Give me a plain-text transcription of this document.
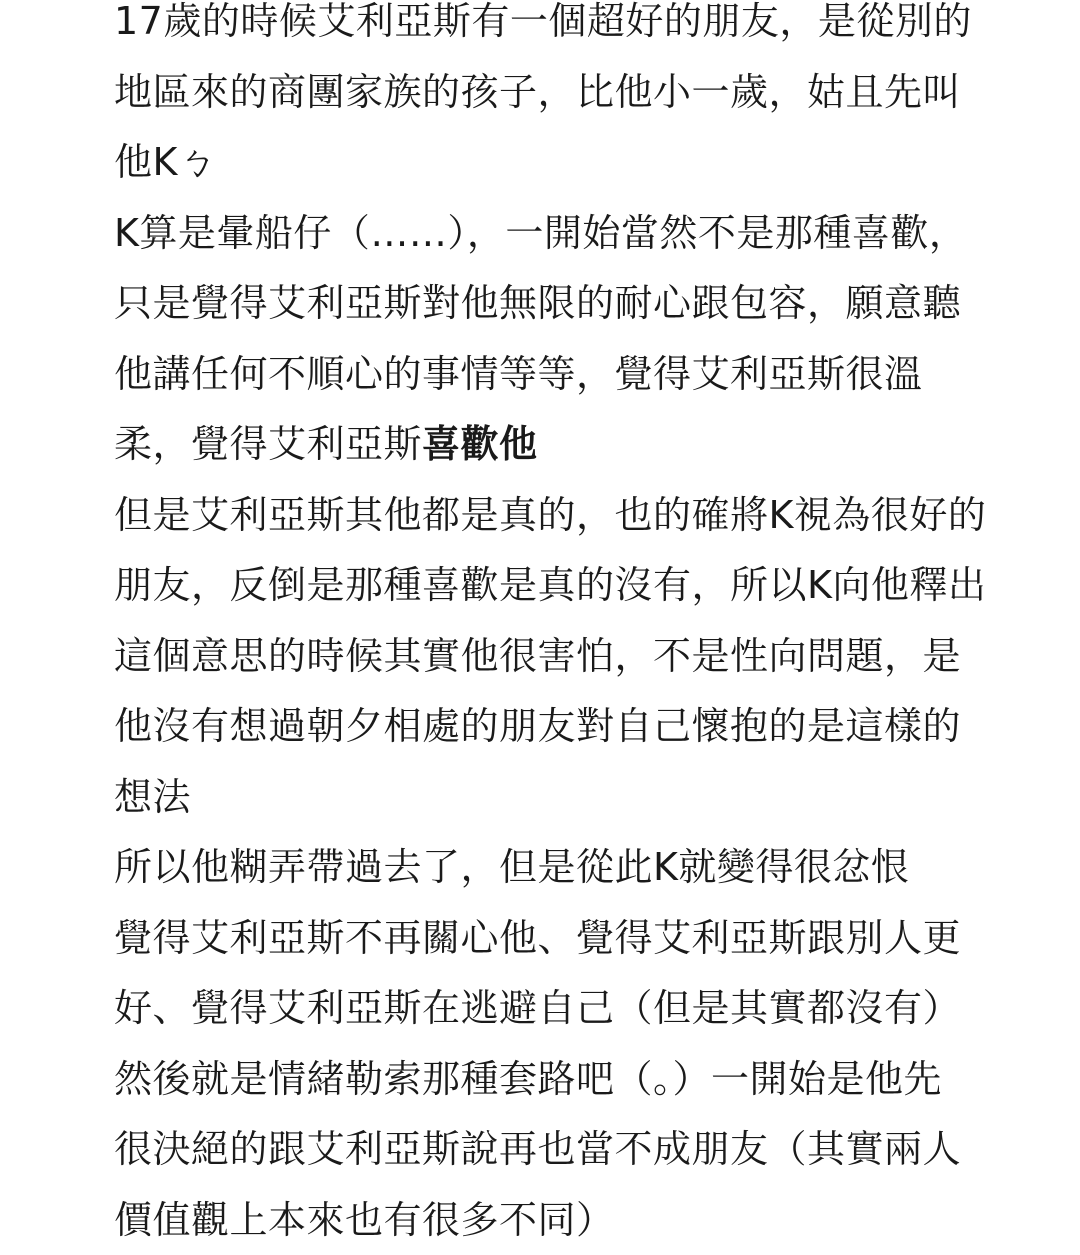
17歲的時候艾利亞斯有一個超好的朋友，是從別的
地區來的商團家族的孩子，比他小一歲，姑且先叫
他Kㄅ
K算是暈船仔（……），一開始當然不是那種喜歡，
只是覺得艾利亞斯對他無限的耐心跟包容，願意聽
他講任何不順心的事情等等，覺得艾利亞斯很溫
柔，覺得艾利亞斯喜歡他
但是艾利亞斯其他都是真的，也的確將K視為很好的
朋友，反倒是那種喜歡是真的沒有，所以K向他釋出
這個意思的時候其實他很害怕，不是性向問題，是
他沒有想過朝夕相處的朋友對自己懷抱的是這樣的
想法
所以他糊弄帶過去了，但是從此K就變得很忿恨
覺得艾利亞斯不再關心他、覺得艾利亞斯跟別人更
好、覺得艾利亞斯在逃避自己（但是其實都沒有）
然後就是情緒勒索那種套路吧（。）一開始是他先
很決絕的跟艾利亞斯說再也當不成朋友（其實兩人
價值觀上本來也有很多不同）
